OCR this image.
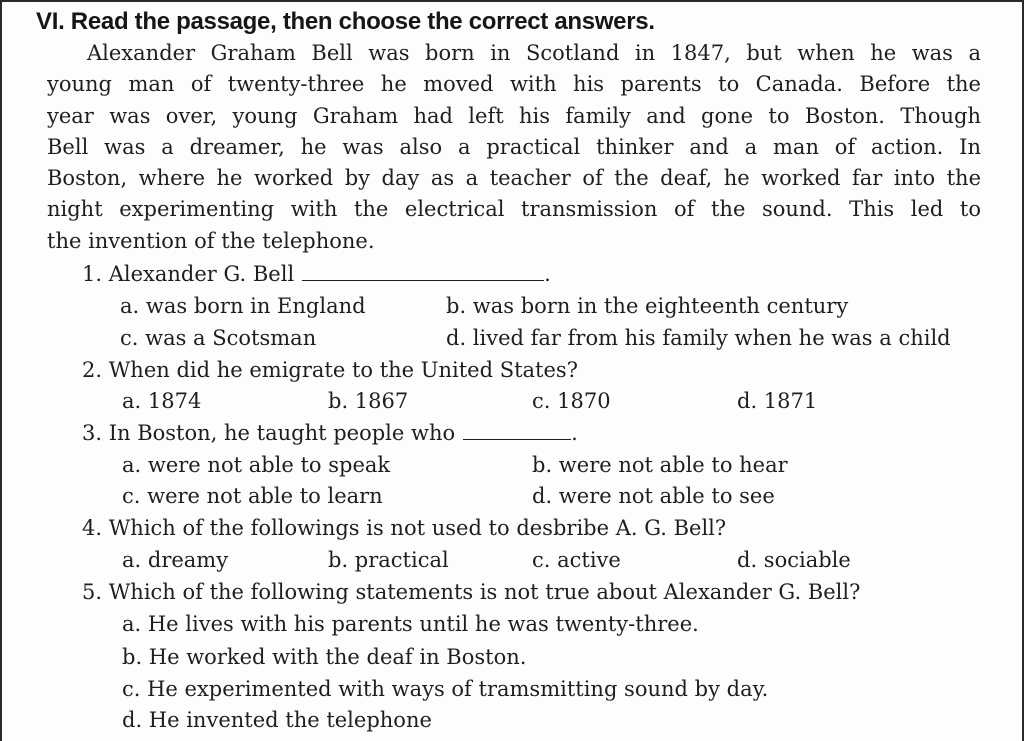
VI. Read the passage, then choose the correct answers.
Alexander Graham Bell was born in Scotland in 1847, but when he was a
young man of twenty-three he moved with his parents to Canada. Before the
year was over, young Graham had left his family and gone to Boston. Though
Bell was a dreamer, he was also a practical thinker and a man of action. In
Boston, where he worked by day as a teacher of the deaf, he worked far into the
night experimenting with the electrical transmission of the sound. This led to
the invention of the telephone.
1. Alexander G. Bell	.
a. was born in England	b. was born in the eighteenth century
c. was a Scotsman	d. lived far from his family when he was a child
2. When did he emigrate to the United States?
a. 1874	b. 1867	c. 1870	d. 1871
3. In Boston, he taught people who	.
a. were not able to speak	b. were not able to hear
c. were not able to learn	d. were not able to see
4. Which of the followings is not used to desbribe A. G. Bell?
a. dreamy	b. practical	c. active	d. sociable
5. Which of the following statements is not true about Alexander G. Bell?
a. He lives with his parents until he was twenty-three.
b. He worked with the deaf in Boston.
c. He experimented with ways of tramsmitting sound by day.
d. He invented the telephone
